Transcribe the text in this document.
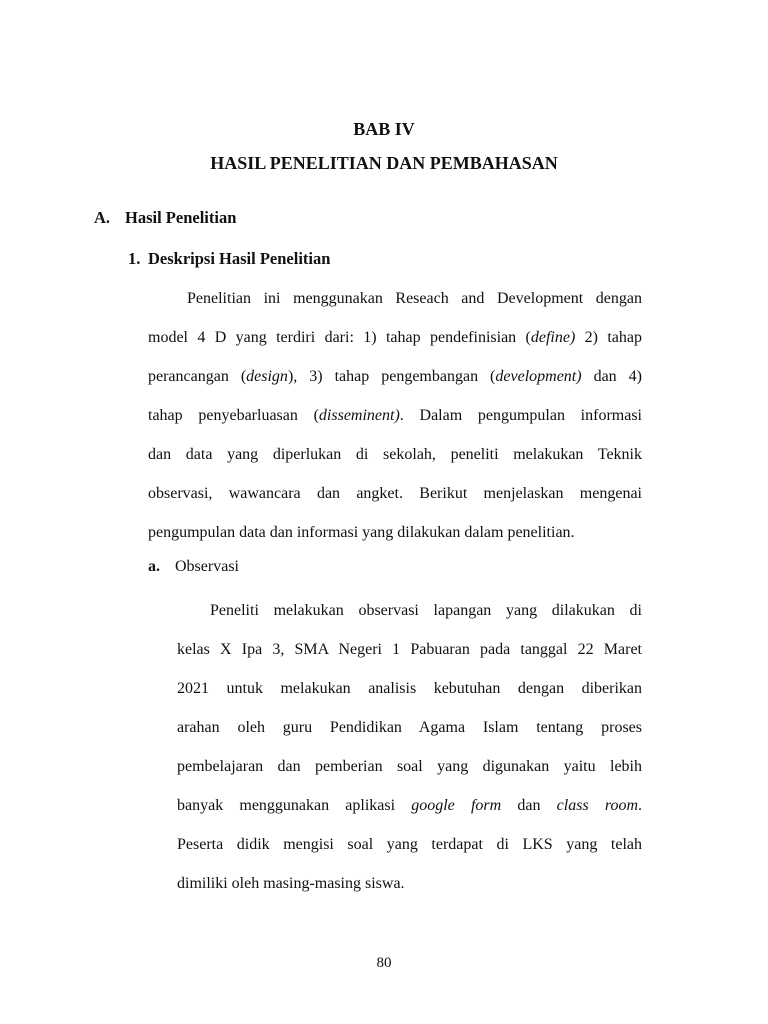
BAB IV
HASIL PENELITIAN DAN PEMBAHASAN
A. Hasil Penelitian
1. Deskripsi Hasil Penelitian

Penelitian ini menggunakan Reseach and Development dengan
model 4 D yang terdiri dari: 1) tahap pendefinisian (define) 2) tahap
perancangan (design), 3) tahap pengembangan (development) dan 4)
tahap penyebarluasan (disseminent). Dalam pengumpulan informasi
dan data yang diperlukan di sekolah, peneliti melakukan Teknik
observasi, wawancara dan angket. Berikut menjelaskan mengenai
pengumpulan data dan informasi yang dilakukan dalam penelitian.

a. Observasi

Peneliti melakukan observasi lapangan yang dilakukan di
kelas X Ipa 3, SMA Negeri 1 Pabuaran pada tanggal 22 Maret
2021 untuk melakukan analisis kebutuhan dengan diberikan
arahan oleh guru Pendidikan Agama Islam tentang proses
pembelajaran dan pemberian soal yang digunakan yaitu lebih
banyak menggunakan aplikasi google form dan class room.
Peserta didik mengisi soal yang terdapat di LKS yang telah
dimiliki oleh masing-masing siswa.

80
